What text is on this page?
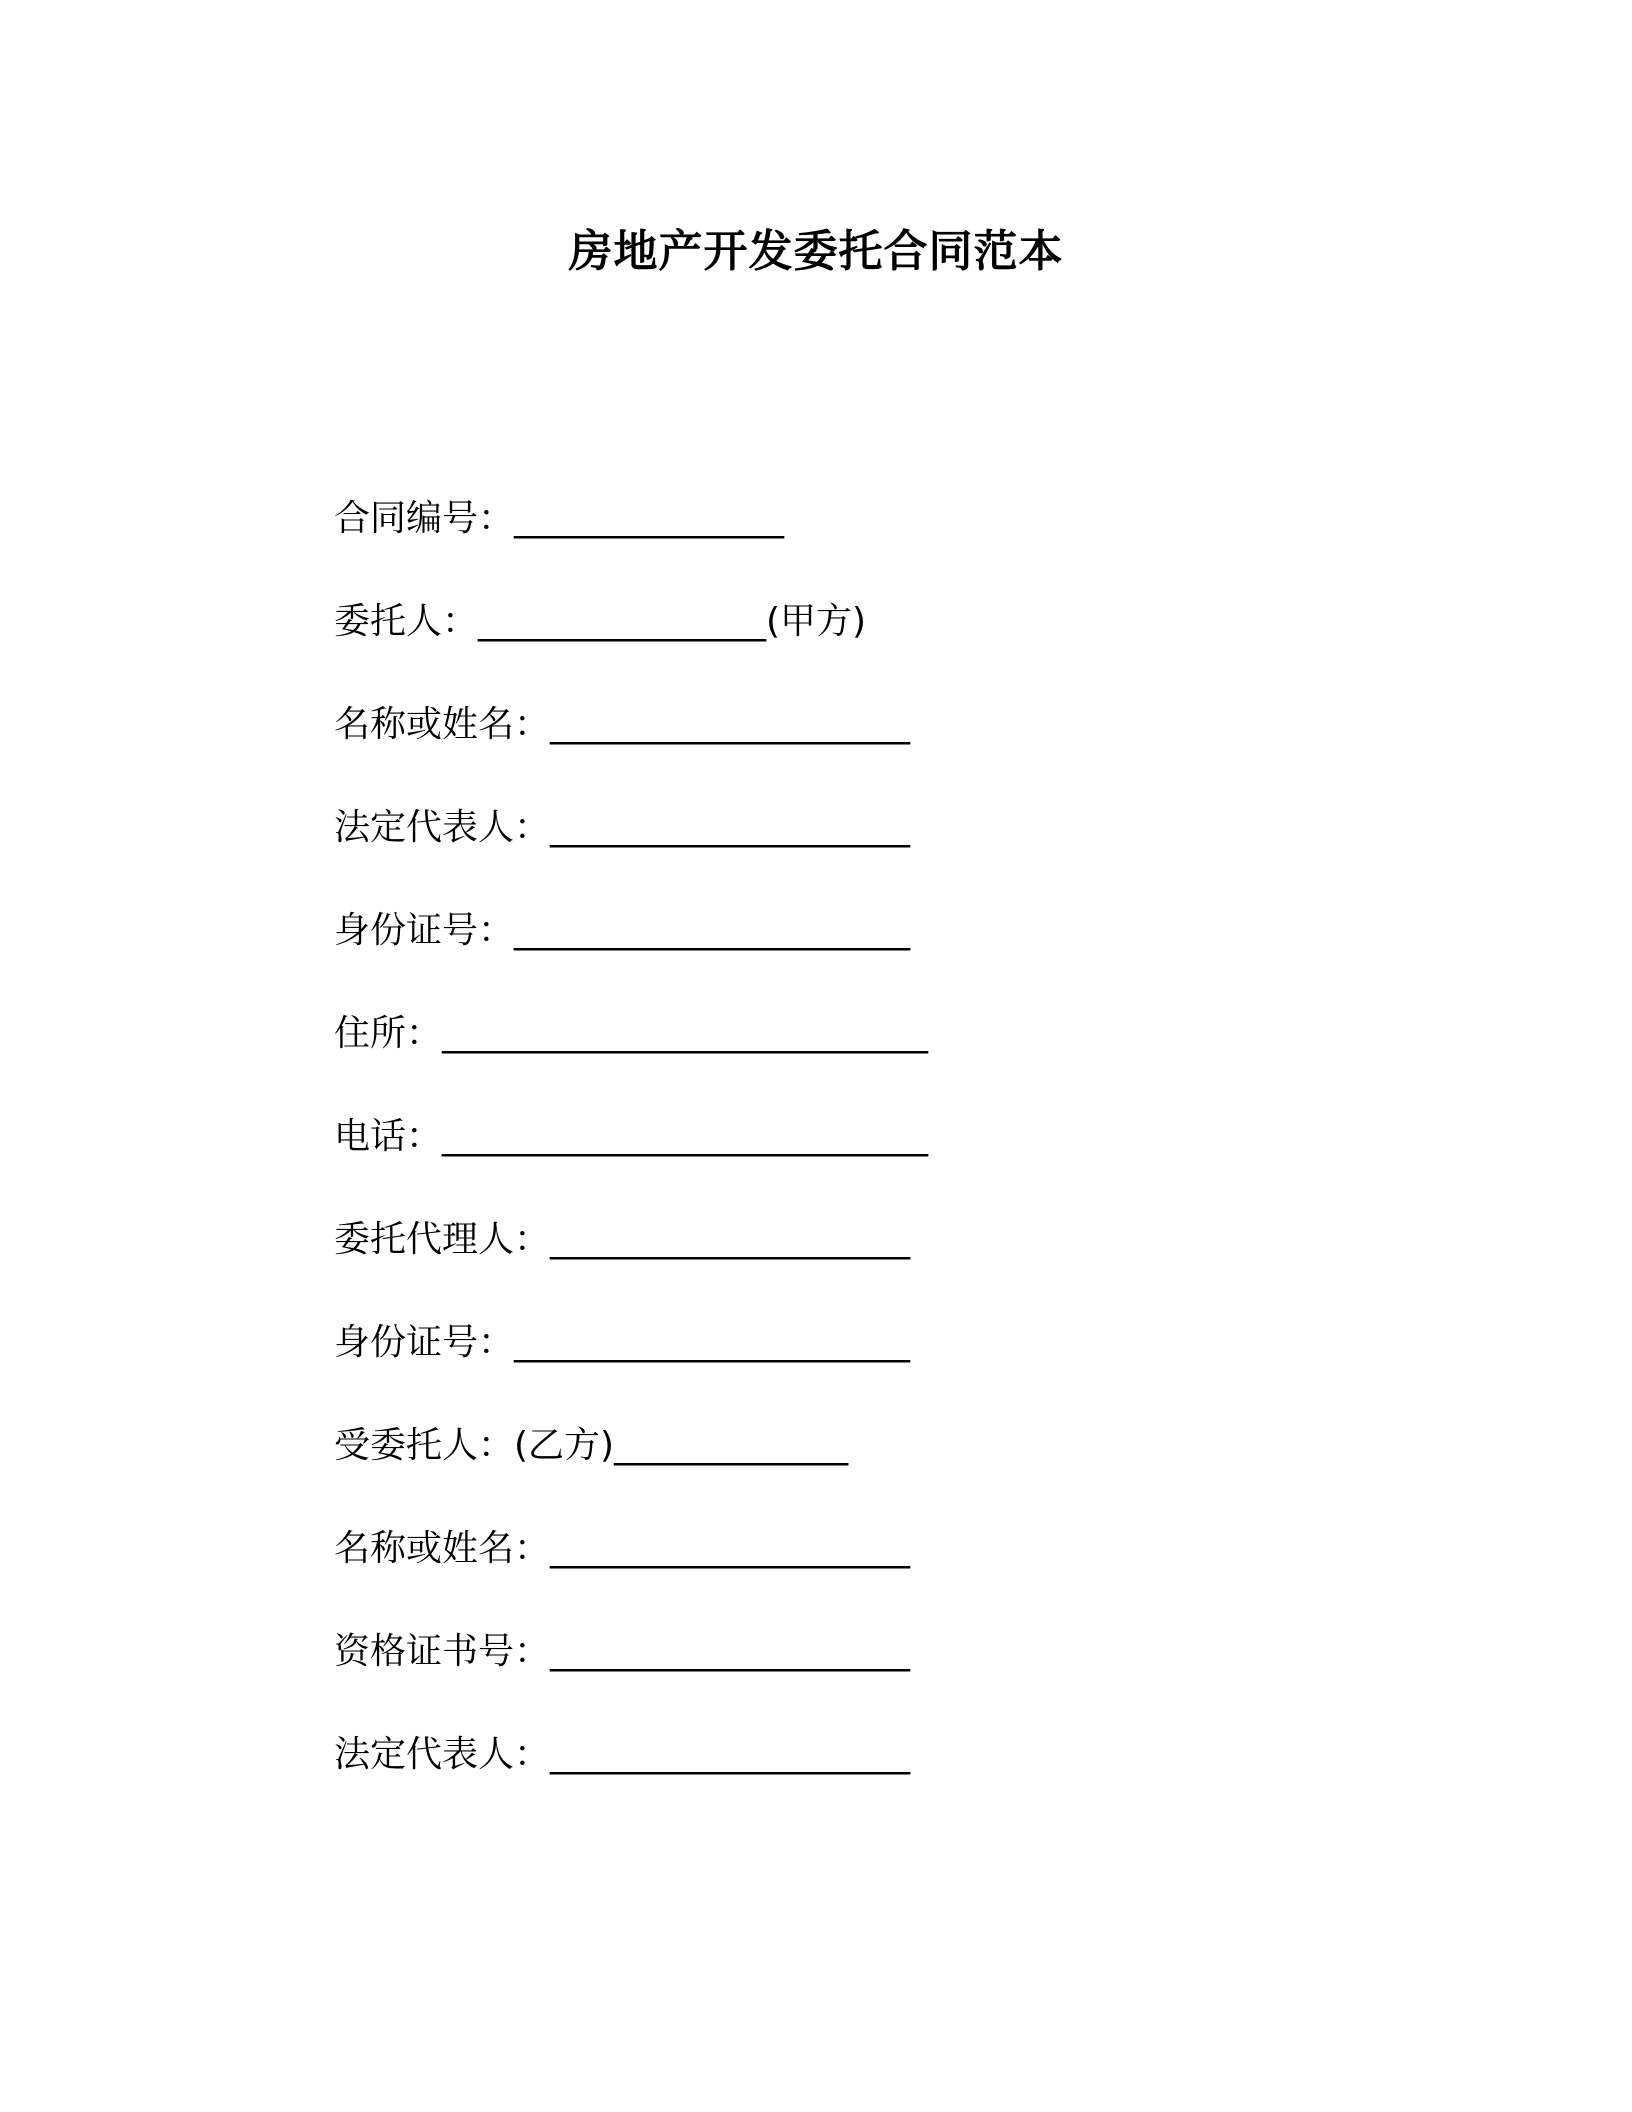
房地产开发委托合同范本
合同编号：_______________
委托人：________________(甲方)
名称或姓名：____________________
法定代表人：____________________
身份证号：______________________
住所：___________________________
电话：___________________________
委托代理人：____________________
身份证号：______________________
受委托人：(乙方)_____________
名称或姓名：____________________
资格证书号：____________________
法定代表人：____________________
